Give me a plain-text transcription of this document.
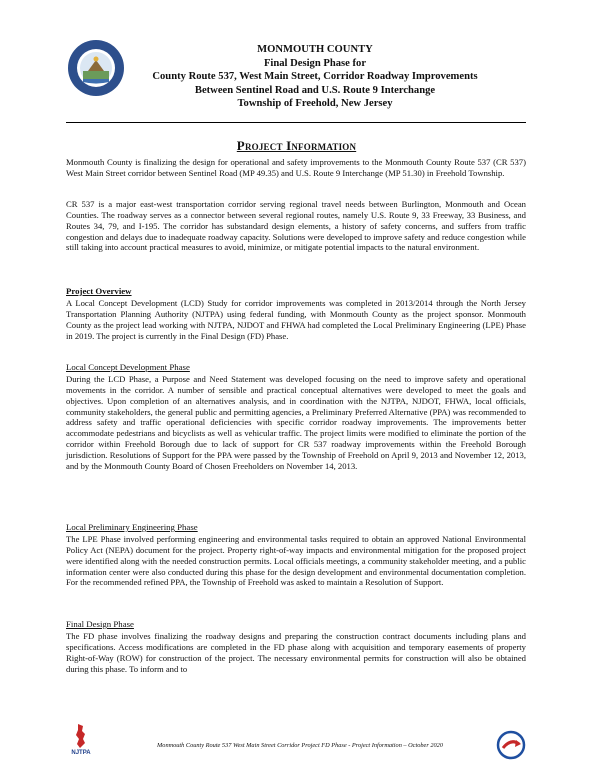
MONMOUTH COUNTY
Final Design Phase for
County Route 537, West Main Street, Corridor Roadway Improvements
Between Sentinel Road and U.S. Route 9 Interchange
Township of Freehold, New Jersey
Project Information

Monmouth County is finalizing the design for operational and safety improvements to the Monmouth County Route 537 (CR 537) West Main Street corridor between Sentinel Road (MP 49.35) and U.S. Route 9 Interchange (MP 51.30) in Freehold Township.

CR 537 is a major east-west transportation corridor serving regional travel needs between Burlington, Monmouth and Ocean Counties. The roadway serves as a connector between several regional routes, namely U.S. Route 9, 33 Freeway, 33 Business, and Routes 34, 79, and I-195. The corridor has substandard design elements, a history of safety concerns, and suffers from traffic congestion and delays due to inadequate roadway capacity. Solutions were developed to improve safety and reduce congestion while still taking into account practical measures to avoid, minimize, or mitigate potential impacts to the natural environment.

Project Overview

A Local Concept Development (LCD) Study for corridor improvements was completed in 2013/2014 through the North Jersey Transportation Planning Authority (NJTPA) using federal funding, with Monmouth County as the project sponsor. Monmouth County as the project lead working with NJTPA, NJDOT and FHWA had completed the Local Preliminary Engineering (LPE) Phase in 2019. The project is currently in the Final Design (FD) Phase.

Local Concept Development Phase

During the LCD Phase, a Purpose and Need Statement was developed focusing on the need to improve safety and operational movements in the corridor. A number of sensible and practical conceptual alternatives were developed to meet the goals and objectives. Upon completion of an alternatives analysis, and in coordination with the NJTPA, NJDOT, FHWA, local officials, community stakeholders, the general public and permitting agencies, a Preliminary Preferred Alternative (PPA) was recommended to address safety and traffic operational deficiencies with specific corridor roadway improvements. The improvements better accommodate pedestrians and bicyclists as well as vehicular traffic. The project limits were modified to eliminate the portion of the corridor within Freehold Borough due to lack of support for CR 537 roadway improvements within the Freehold Borough jurisdiction. Resolutions of Support for the PPA were passed by the Township of Freehold on April 9, 2013 and November 12, 2013, and by the Monmouth County Board of Chosen Freeholders on November 14, 2013.

Local Preliminary Engineering Phase

The LPE Phase involved performing engineering and environmental tasks required to obtain an approved National Environmental Policy Act (NEPA) document for the project. Property right-of-way impacts and environmental mitigation for the proposed project were identified along with the needed construction permits. Local officials meetings, a community stakeholder meeting, and a public information center were also conducted during this phase for the design development and environmental documentation completion. For the recommended refined PPA, the Township of Freehold was asked to maintain a Resolution of Support.

Final Design Phase

The FD phase involves finalizing the roadway designs and preparing the construction contract documents including plans and specifications. Access modifications are completed in the FD phase along with acquisition and temporary easements of property Right-of-Way (ROW) for construction of the project. The necessary environmental permits for construction will also be obtained during this phase. To inform and to

NJTPA
Monmouth County Route 537 West Main Street Corridor Project FD Phase - Project Information – October 2020
